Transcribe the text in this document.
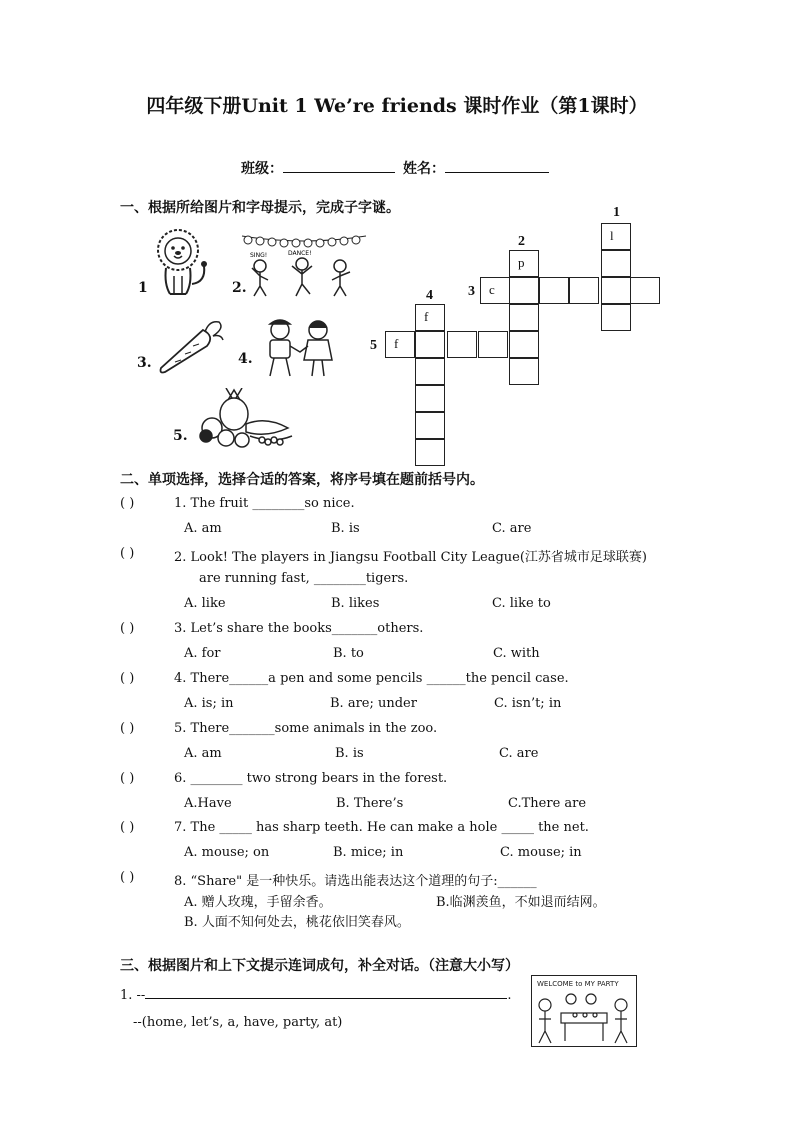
四年级下册Unit 1 We’re friends 课时作业（第1课时）
班级：	姓名：
一、根据所给图片和字母提示，完成子字谜。
1	2.
3.	4.
5.
SING!	DANCE!
l
p
c
f
f
1
2
3
4
5
二、单项选择，选择合适的答案，将序号填在题前括号内。
( )	1. The fruit ________so nice.
A. am	B. is	C. are
( )	2. Look! The players in Jiangsu Football City League(江苏省城市足球联赛)
are running fast, ________tigers.
A. like	B. likes	C. like to
( )	3. Let’s share the books_______others.
A. for	B. to	C. with
( )	4. There______a pen and some pencils ______the pencil case.
A. is; in	B. are; under	C. isn’t; in
( )	5. There_______some animals in the zoo.
A. am	B. is	C. are
( )	6. ________ two strong bears in the forest.
A.Have	B. There’s	C.There are
( )	7. The _____ has sharp teeth. He can make a hole _____ the net.
A. mouse; on	B. mice; in	C. mouse; in
( )	8. “Share" 是一种快乐。请选出能表达这个道理的句子:______
A. 赠人玫瑰，手留余香。	B.临渊羡鱼，不如退而结网。
B. 人面不知何处去，桃花依旧笑春风。
三、根据图片和上下文提示连词成句，补全对话。（注意大小写）
1. --	.
--(home, let’s, a, have, party, at)
WELCOME to MY PARTY
